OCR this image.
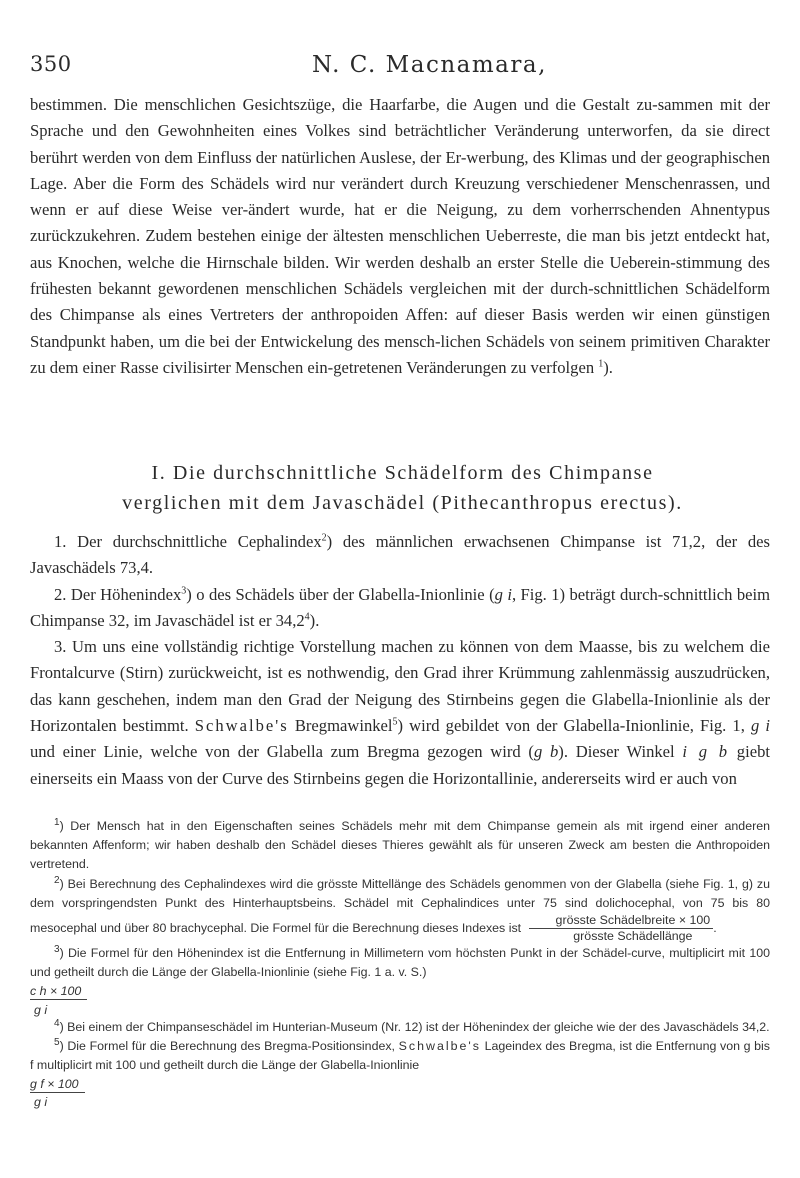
350	N. C. Macnamara,

bestimmen. Die menschlichen Gesichtszüge, die Haarfarbe, die Augen und die Gestalt zu-sammen mit der Sprache und den Gewohnheiten eines Volkes sind beträchtlicher Veränderung unterworfen, da sie direct berührt werden von dem Einfluss der natürlichen Auslese, der Er-werbung, des Klimas und der geographischen Lage. Aber die Form des Schädels wird nur verändert durch Kreuzung verschiedener Menschenrassen, und wenn er auf diese Weise ver-ändert wurde, hat er die Neigung, zu dem vorherrschenden Ahnentypus zurückzukehren. Zudem bestehen einige der ältesten menschlichen Ueberreste, die man bis jetzt entdeckt hat, aus Knochen, welche die Hirnschale bilden. Wir werden deshalb an erster Stelle die Ueberein-stimmung des frühesten bekannt gewordenen menschlichen Schädels vergleichen mit der durch-schnittlichen Schädelform des Chimpanse als eines Vertreters der anthropoiden Affen: auf dieser Basis werden wir einen günstigen Standpunkt haben, um die bei der Entwickelung des mensch-lichen Schädels von seinem primitiven Charakter zu dem einer Rasse civilisirter Menschen ein-getretenen Veränderungen zu verfolgen $^1$).

I. Die durchschnittliche Schädelform des Chimpanse
verglichen mit dem Javaschädel (Pithecanthropus erectus).

1. Der durchschnittliche Cephalindex$^2$) des männlichen erwachsenen Chimpanse ist 71,2, der des Javaschädels 73,4.

2. Der Höhenindex$^3$) o des Schädels über der Glabella-Inionlinie (g i, Fig. 1) beträgt durch-schnittlich beim Chimpanse 32, im Javaschädel ist er 34,2$^4$).

3. Um uns eine vollständig richtige Vorstellung machen zu können von dem Maasse, bis zu welchem die Frontalcurve (Stirn) zurückweicht, ist es nothwendig, den Grad ihrer Krümmung zahlenmässig auszudrücken, das kann geschehen, indem man den Grad der Neigung des Stirnbeins gegen die Glabella-Inionlinie als der Horizontalen bestimmt. Schwalbe's Bregmawinkel$^5$) wird gebildet von der Glabella-Inionlinie, Fig. 1, g i und einer Linie, welche von der Glabella zum Bregma gezogen wird (g b). Dieser Winkel i g b giebt einerseits ein Maass von der Curve des Stirnbeins gegen die Horizontallinie, andererseits wird er auch von

$^1$) Der Mensch hat in den Eigenschaften seines Schädels mehr mit dem Chimpanse gemein als mit irgend einer anderen bekannten Affenform; wir haben deshalb den Schädel dieses Thieres gewählt als für unseren Zweck am besten die Anthropoiden vertretend.

$^2$) Bei Berechnung des Cephalindexes wird die grösste Mittellänge des Schädels genommen von der Glabella (siehe Fig. 1, g) zu dem vorspringendsten Punkt des Hinterhauptsbeins. Schädel mit Cephalindices unter 75 sind dolichocephal, von 75 bis 80 mesocephal und über 80 brachycephal. Die Formel für die Berechnung dieses Indexes ist $\frac{\text{grösste Schädelbreite × 100}}{\text{grösste Schädellänge}}$ .

$^3$) Die Formel für den Höhenindex ist die Entfernung in Millimetern vom höchsten Punkt in der Schädel-curve, multiplicirt mit 100 und getheilt durch die Länge der Glabella-Inionlinie (siehe Fig. 1 a. v. S.)
c h × 100
g i

$^4$) Bei einem der Chimpanseschädel im Hunterian-Museum (Nr. 12) ist der Höhenindex der gleiche wie der des Javaschädels 34,2.

$^5$) Die Formel für die Berechnung des Bregma-Positionsindex, Schwalbe's Lageindex des Bregma, ist die Entfernung von g bis f multiplicirt mit 100 und getheilt durch die Länge der Glabella-Inionlinie
g f × 100
g i
